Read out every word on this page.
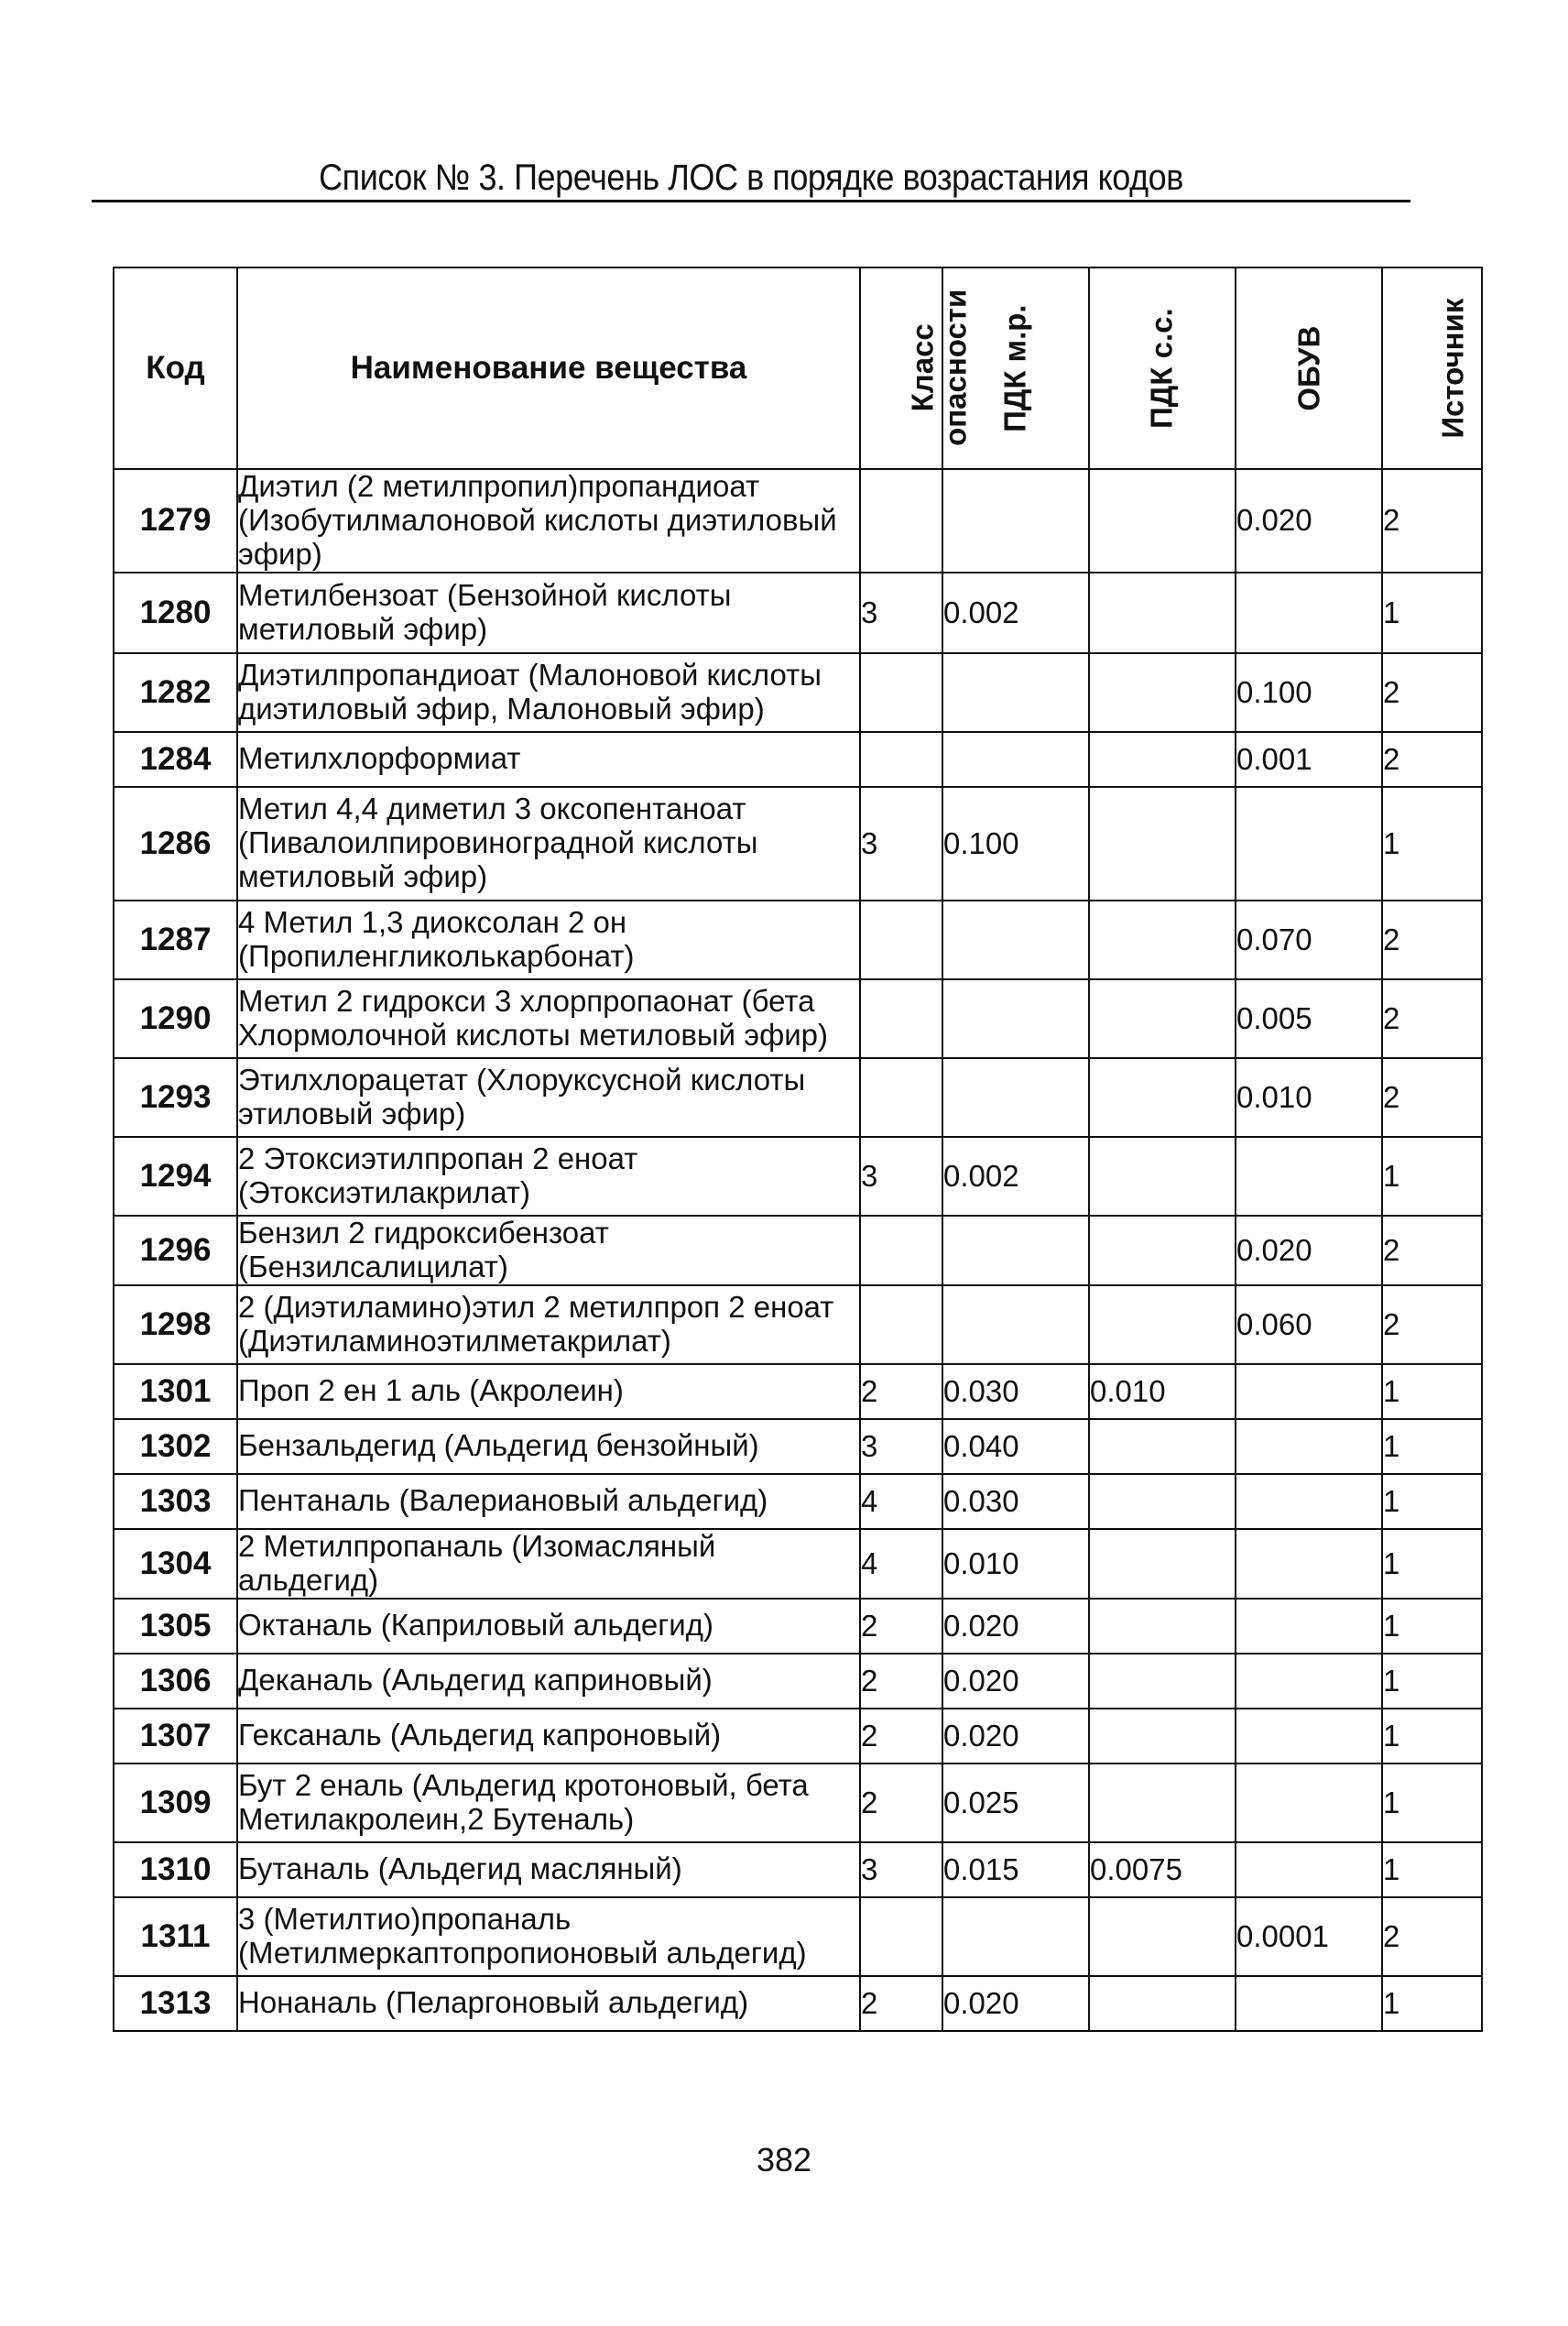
Список № 3. Перечень ЛОС в порядке возрастания кодов
Код	Наименование вещества	Класс опасности	ПДК м.р.	ПДК с.с.	ОБУВ	Источник
1279	Диэтил (2 метилпропил)пропандиоат (Изобутилмалоновой кислоты диэтиловый эфир)				0.020	2
1280	Метилбензоат (Бензойной кислоты метиловый эфир)	3	0.002			1
1282	Диэтилпропандиоат (Малоновой кислоты диэтиловый эфир, Малоновый эфир)				0.100	2
1284	Метилхлорформиат				0.001	2
1286	Метил 4,4 диметил 3 оксопентаноат (Пивалоилпировиноградной кислоты метиловый эфир)	3	0.100			1
1287	4 Метил 1,3 диоксолан 2 он (Пропиленгликолькарбонат)				0.070	2
1290	Метил 2 гидрокси 3 хлорпропаонат (бета Хлормолочной кислоты метиловый эфир)				0.005	2
1293	Этилхлорацетат (Хлоруксусной кислоты этиловый эфир)				0.010	2
1294	2 Этоксиэтилпропан 2 еноат (Этоксиэтилакрилат)	3	0.002			1
1296	Бензил 2 гидроксибензоат (Бензилсалицилат)				0.020	2
1298	2 (Диэтиламино)этил 2 метилпроп 2 еноат (Диэтиламиноэтилметакрилат)				0.060	2
1301	Проп 2 ен 1 аль (Акролеин)	2	0.030	0.010		1
1302	Бензальдегид (Альдегид бензойный)	3	0.040			1
1303	Пентаналь (Валериановый альдегид)	4	0.030			1
1304	2 Метилпропаналь (Изомасляный альдегид)	4	0.010			1
1305	Октаналь (Каприловый альдегид)	2	0.020			1
1306	Деканаль (Альдегид каприновый)	2	0.020			1
1307	Гексаналь (Альдегид капроновый)	2	0.020			1
1309	Бут 2 еналь (Альдегид кротоновый, бета Метилакролеин,2 Бутеналь)	2	0.025			1
1310	Бутаналь (Альдегид масляный)	3	0.015	0.0075		1
1311	3 (Метилтио)пропаналь (Метилмеркаптопропионовый альдегид)				0.0001	2
1313	Нонаналь (Пеларгоновый альдегид)	2	0.020			1
382
